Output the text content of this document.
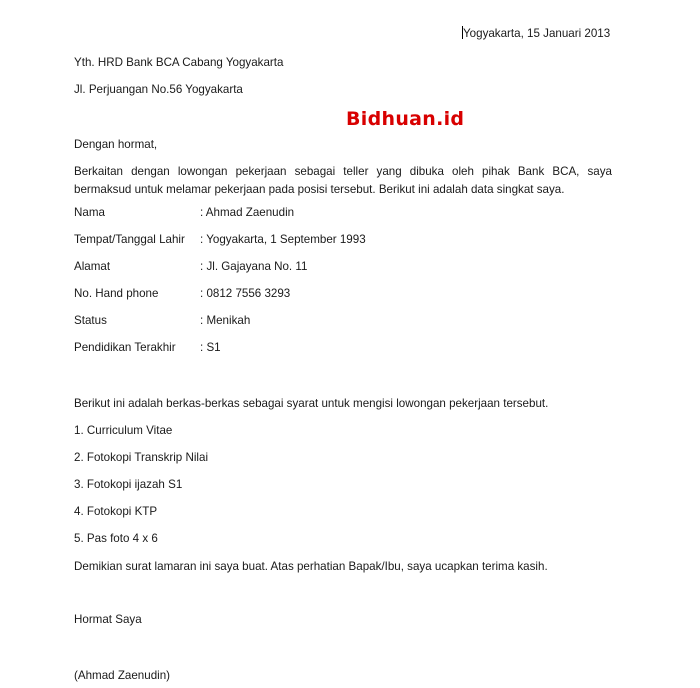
Yogyakarta, 15 Januari 2013
Yth. HRD Bank BCA Cabang Yogyakarta
Jl. Perjuangan No.56 Yogyakarta
Bidhuan.id
Dengan hormat,
Berkaitan dengan lowongan pekerjaan sebagai teller yang dibuka oleh pihak Bank BCA, saya
bermaksud untuk melamar pekerjaan pada posisi tersebut. Berikut ini adalah data singkat saya.
Nama	: Ahmad Zaenudin
Tempat/Tanggal Lahir : Yogyakarta, 1 September 1993
Alamat	: Jl. Gajayana No. 11
No. Hand phone	: 0812 7556 3293
Status	: Menikah
Pendidikan Terakhir : S1
Berikut ini adalah berkas-berkas sebagai syarat untuk mengisi lowongan pekerjaan tersebut.
1. Curriculum Vitae
2. Fotokopi Transkrip Nilai
3. Fotokopi ijazah S1
4. Fotokopi KTP
5. Pas foto 4 x 6
Demikian surat lamaran ini saya buat. Atas perhatian Bapak/Ibu, saya ucapkan terima kasih.
Hormat Saya
(Ahmad Zaenudin)
